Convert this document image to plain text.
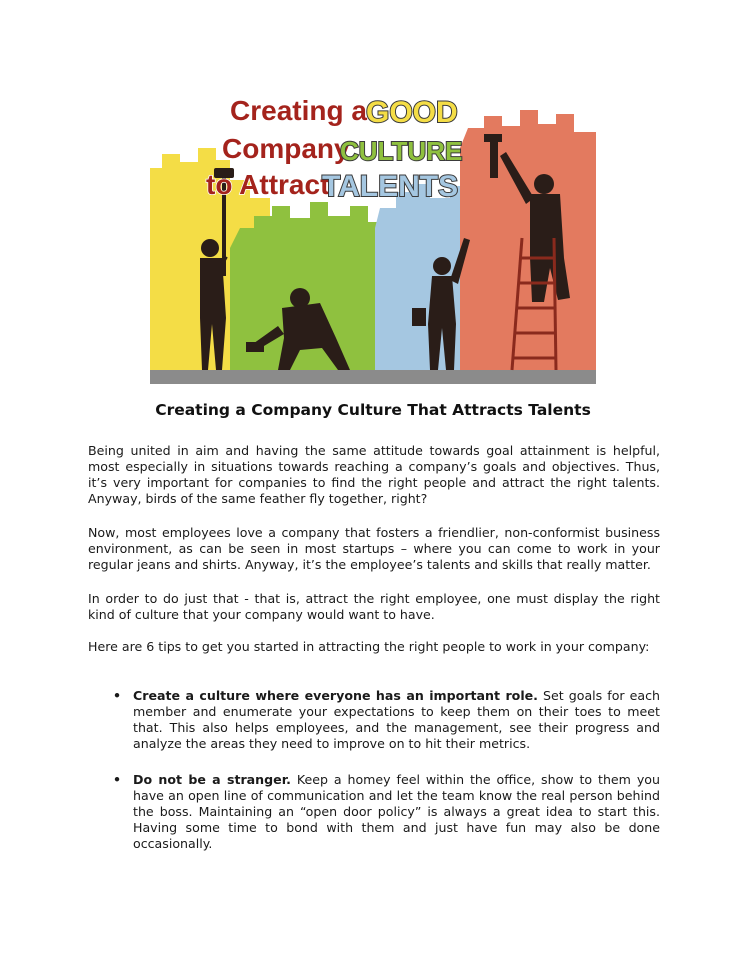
Creating a GOOD
Company
CULTURE
to Attract
TALENTS
Creating a Company Culture That Attracts Talents

Being united in aim and having the same attitude towards goal attainment is helpful, most especially in situations towards reaching a company’s goals and objectives. Thus, it’s very important for companies to find the right people and attract the right talents. Anyway, birds of the same feather fly together, right?

Now, most employees love a company that fosters a friendlier, non-conformist business environment, as can be seen in most startups – where you can come to work in your regular jeans and shirts. Anyway, it’s the employee’s talents and skills that really matter.

In order to do just that - that is, attract the right employee, one must display the right kind of culture that your company would want to have.

Here are 6 tips to get you started in attracting the right people to work in your company:

• Create a culture where everyone has an important role. Set goals for each member and enumerate your expectations to keep them on their toes to meet that. This also helps employees, and the management, see their progress and analyze the areas they need to improve on to hit their metrics.
• Do not be a stranger. Keep a homey feel within the office, show to them you have an open line of communication and let the team know the real person behind the boss. Maintaining an “open door policy” is always a great idea to start this. Having some time to bond with them and just have fun may also be done occasionally.
